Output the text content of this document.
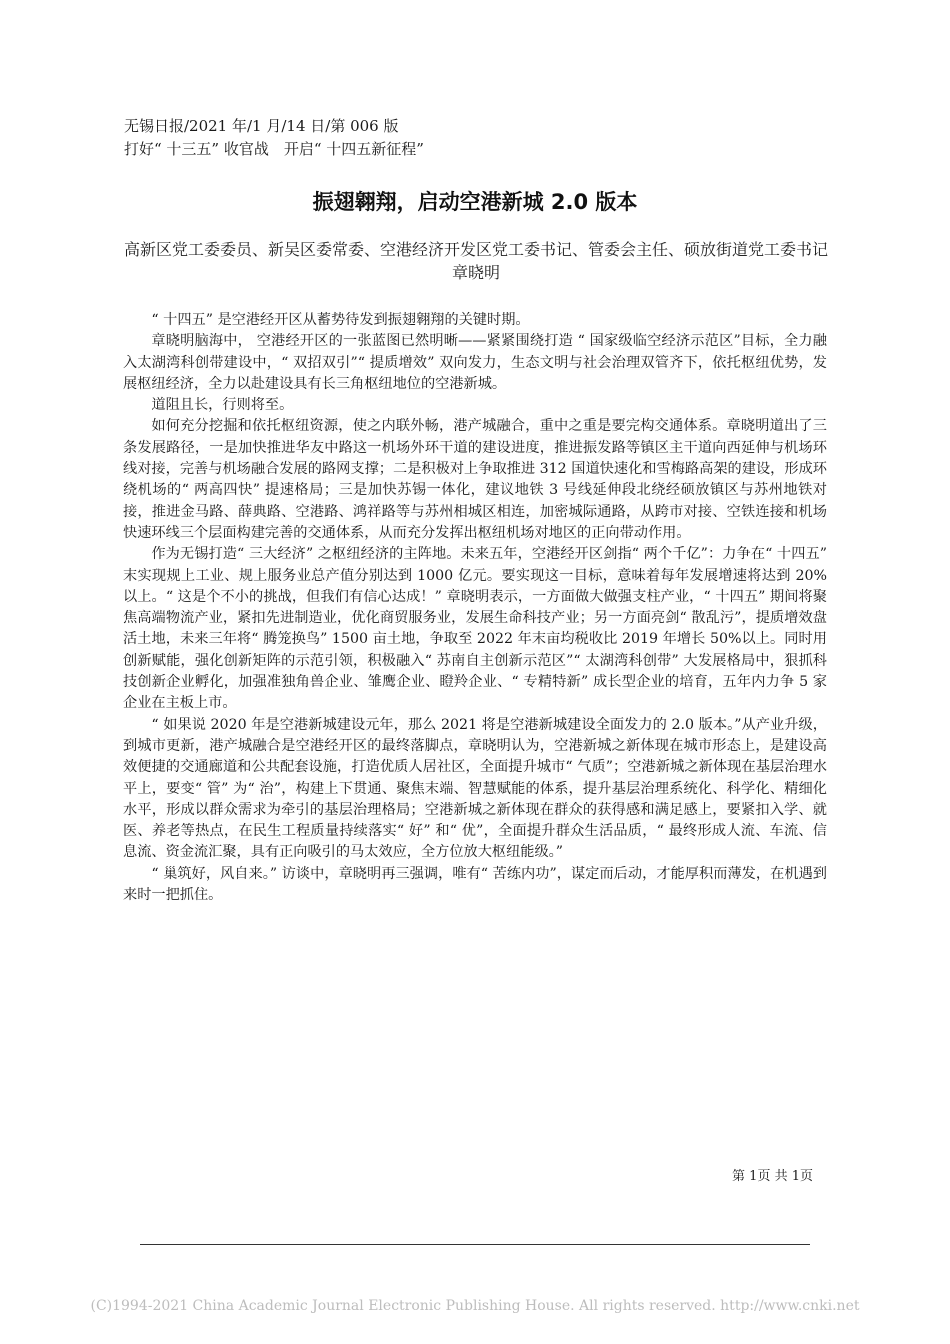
无锡日报/2021 年/1 月/14 日/第 006 版
打好“ 十三五” 收官战　开启“ 十四五新征程”
振翅翱翔，启动空港新城 2.0 版本
高新区党工委委员、新吴区委常委、空港经济开发区党工委书记、管委会主任、硕放街道党工委书记　章晓明

“ 十四五” 是空港经开区从蓄势待发到振翅翱翔的关键时期。

章晓明脑海中， 空港经开区的一张蓝图已然明晰——紧紧围绕打造 “ 国家级临空经济示范区”目标，全力融入太湖湾科创带建设中，“ 双招双引”“ 提质增效” 双向发力，生态文明与社会治理双管齐下，依托枢纽优势，发展枢纽经济，全力以赴建设具有长三角枢纽地位的空港新城。

道阻且长，行则将至。

如何充分挖掘和依托枢纽资源，使之内联外畅，港产城融合，重中之重是要完构交通体系。章晓明道出了三条发展路径，一是加快推进华友中路这一机场外环干道的建设进度，推进振发路等镇区主干道向西延伸与机场环线对接，完善与机场融合发展的路网支撑；二是积极对上争取推进 312 国道快速化和雪梅路高架的建设，形成环绕机场的“ 两高四快” 提速格局；三是加快苏锡一体化，建议地铁 3 号线延伸段北绕经硕放镇区与苏州地铁对接，推进金马路、薛典路、空港路、鸿祥路等与苏州相城区相连，加密城际通路，从跨市对接、空铁连接和机场快速环线三个层面构建完善的交通体系，从而充分发挥出枢纽机场对地区的正向带动作用。

作为无锡打造“ 三大经济” 之枢纽经济的主阵地。未来五年，空港经开区剑指“ 两个千亿”：力争在“ 十四五” 末实现规上工业、规上服务业总产值分别达到 1000 亿元。要实现这一目标，意味着每年发展增速将达到 20%以上。“ 这是个不小的挑战，但我们有信心达成！” 章晓明表示，一方面做大做强支柱产业，“ 十四五” 期间将聚焦高端物流产业，紧扣先进制造业，优化商贸服务业，发展生命科技产业；另一方面亮剑“ 散乱污”，提质增效盘活土地，未来三年将“ 腾笼换鸟” 1500 亩土地，争取至 2022 年末亩均税收比 2019 年增长 50%以上。同时用创新赋能，强化创新矩阵的示范引领，积极融入“ 苏南自主创新示范区”“ 太湖湾科创带” 大发展格局中，狠抓科技创新企业孵化，加强准独角兽企业、雏鹰企业、瞪羚企业、“ 专精特新” 成长型企业的培育，五年内力争 5 家企业在主板上市。

“ 如果说 2020 年是空港新城建设元年，那么 2021 将是空港新城建设全面发力的 2.0 版本。”从产业升级，到城市更新，港产城融合是空港经开区的最终落脚点，章晓明认为，空港新城之新体现在城市形态上，是建设高效便捷的交通廊道和公共配套设施，打造优质人居社区，全面提升城市“ 气质”；空港新城之新体现在基层治理水平上，要变“ 管” 为“ 治”，构建上下贯通、聚焦末端、智慧赋能的体系，提升基层治理系统化、科学化、精细化水平，形成以群众需求为牵引的基层治理格局；空港新城之新体现在群众的获得感和满足感上，要紧扣入学、就医、养老等热点，在民生工程质量持续落实“ 好” 和“ 优”，全面提升群众生活品质，“ 最终形成人流、车流、信息流、资金流汇聚，具有正向吸引的马太效应，全方位放大枢纽能级。”

“ 巢筑好，风自来。” 访谈中，章晓明再三强调，唯有“ 苦练内功”，谋定而后动，才能厚积而薄发，在机遇到来时一把抓住。

第 1页 共 1页
(C)1994-2021 China Academic Journal Electronic Publishing House. All rights reserved. http://www.cnki.net
